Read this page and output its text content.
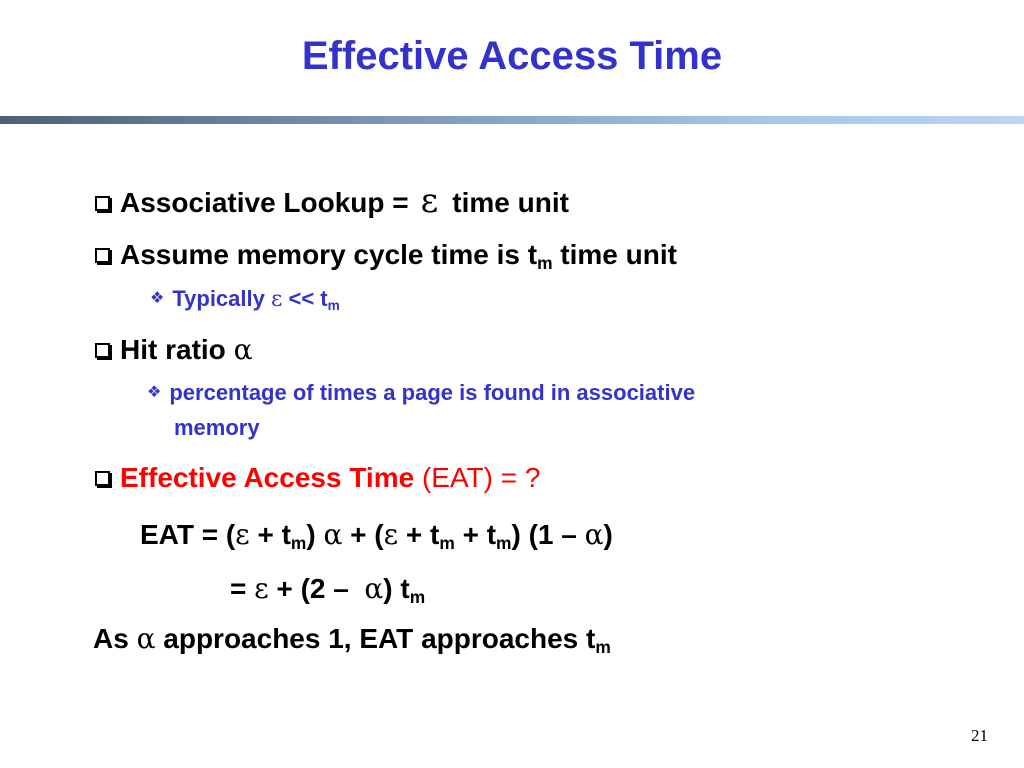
Effective Access Time
Associative Lookup = ε time unit
Assume memory cycle time is $t_m$ time unit
❖ Typically $\varepsilon << t_m$
Hit ratio α
❖ percentage of times a page is found in associative
memory
Effective Access Time (EAT) = ?
EAT = $(\varepsilon + t_m)$ $\alpha + (\varepsilon + t_m + t_m)$ (1 – α)
= ε + (2 –  α) $t_m$
As α approaches 1, EAT approaches $t_m$
21
